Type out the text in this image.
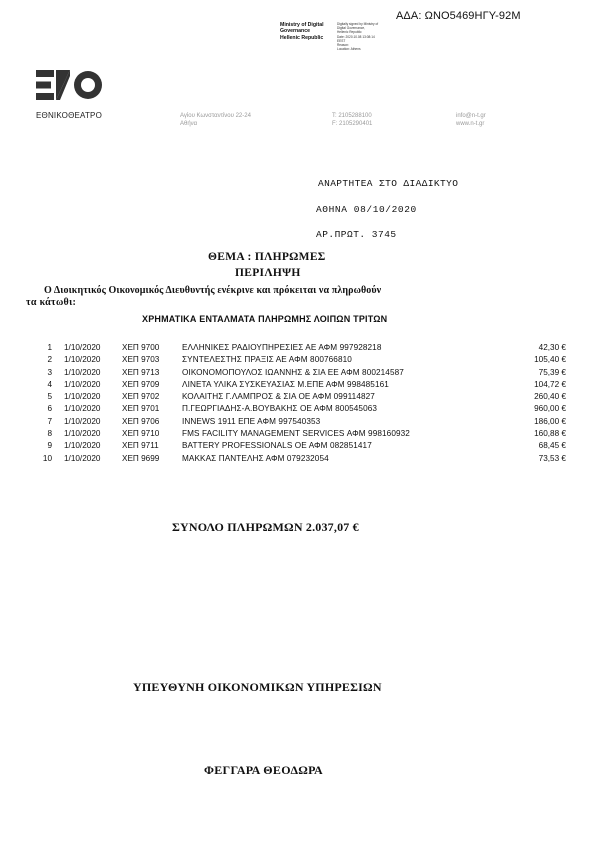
ΑΔΑ: ΩΝΟ5469ΗΓΥ-92Μ
Ministry of Digital
Governance
Hellenic Republic
Digitally signed by Ministry of
Digital Governance,
Hellenic Republic
Date: 2020.10.08 13:08:14
EEST
Reason:
Location: Athens
ΕΘΝΙΚΟΘΕΑΤΡΟ	Αγίου Κωνσταντίνου 22-24
Αθήνα
T: 2105288100
F: 2105290401
info@n-t.gr
www.n-t.gr
ΑΝΑΡΤΗΤΕΑ ΣΤΟ ΔΙΑΔΙΚΤΥΟ
ΑΘΗΝΑ 08/10/2020
ΑΡ.ΠΡΩΤ. 3745
ΘΕΜΑ : ΠΛΗΡΩΜΕΣ
ΠΕΡΙΛΗΨΗ
Ο Διοικητικός Οικονομικός Διευθυντής ενέκρινε και πρόκειται να πληρωθούν
τα κάτωθι:
ΧΡΗΜΑΤΙΚΑ ΕΝΤΑΛΜΑΤΑ ΠΛΗΡΩΜΗΣ ΛΟΙΠΩΝ ΤΡΙΤΩΝ
1 1/10/2020	ΧΕΠ 9700	ΕΛΛΗΝΙΚΕΣ ΡΑΔΙΟΥΠΗΡΕΣΙΕΣ ΑΕ ΑΦΜ 997928218	42,30 €
2 1/10/2020	ΧΕΠ 9703	ΣΥΝΤΕΛΕΣΤΗΣ ΠΡΑΞΙΣ ΑΕ ΑΦΜ 800766810	105,40 €
3 1/10/2020	ΧΕΠ 9713	ΟΙΚΟΝΟΜΟΠΟΥΛΟΣ ΙΩΑΝΝΗΣ & ΣΙΑ ΕΕ ΑΦΜ 800214587	75,39 €
4 1/10/2020	ΧΕΠ 9709	ΛΙΝΕΤΑ ΥΛΙΚΑ ΣΥΣΚΕΥΑΣΙΑΣ Μ.ΕΠΕ ΑΦΜ 998485161	104,72 €
5 1/10/2020	ΧΕΠ 9702	ΚΟΛΑΙΤΗΣ Γ.ΛΑΜΠΡΟΣ & ΣΙΑ ΟΕ ΑΦΜ 099114827	260,40 €
6 1/10/2020	ΧΕΠ 9701	Π.ΓΕΩΡΓΙΑΔΗΣ-Α.ΒΟΥΒΑΚΗΣ ΟΕ ΑΦΜ 800545063	960,00 €
7 1/10/2020	ΧΕΠ 9706	INNEWS 1911 ΕΠΕ ΑΦΜ 997540353	186,00 €
8 1/10/2020	ΧΕΠ 9710	FMS FACILITY MANAGEMENT SERVICES ΑΦΜ 998160932	160,88 €
9 1/10/2020	ΧΕΠ 9711	BATTERY PROFESSIONALS ΟΕ ΑΦΜ 082851417	68,45 €
10 1/10/2020	ΧΕΠ 9699	ΜΑΚΚΑΣ ΠΑΝΤΕΛΗΣ ΑΦΜ 079232054	73,53 €
ΣΥΝΟΛΟ ΠΛΗΡΩΜΩΝ 2.037,07 €
ΥΠΕΥΘΥΝΗ ΟΙΚΟΝΟΜΙΚΩΝ ΥΠΗΡΕΣΙΩΝ
ΦΕΓΓΑΡΑ ΘΕΟΔΩΡΑ
